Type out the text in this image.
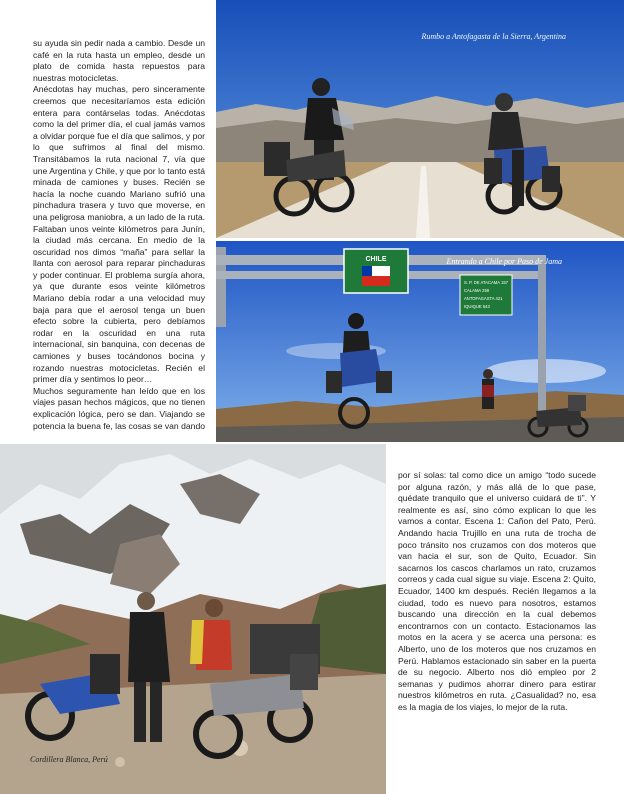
su ayuda sin pedir nada a cambio. Desde un café en la ruta hasta un empleo, desde un plato de comida hasta repuestos para nuestras motocicletas.

Anécdotas hay muchas, pero sinceramente creemos que necesitaríamos esta edición entera para contárselas todas. Anécdotas como la del primer día, el cual jamás vamos a olvidar porque fue el día que salimos, y por lo que sufrimos al final del mismo. Transitábamos la ruta nacional 7, vía que une Argentina y Chile, y que por lo tanto está minada de camiones y buses. Recién se hacía la noche cuando Mariano sufrió una pinchadura trasera y tuvo que moverse, en una peligrosa maniobra, a un lado de la ruta. Faltaban unos veinte kilómetros para Junín, la ciudad más cercana. En medio de la oscuridad nos dimos “maña” para sellar la llanta con aerosol para reparar pinchaduras y poder continuar. El problema surgía ahora, ya que durante esos veinte kilómetros Mariano debía rodar a una velocidad muy baja para que el aerosol tenga un buen efecto sobre la cubierta, pero debíamos rodar en la oscuridad en una ruta internacional, sin banquina, con decenas de camiones y buses tocándonos bocina y rozando nuestras motocicletas. Recién el primer día y sentimos lo peor…

Muchos seguramente han leído que en los viajes pasan hechos mágicos, que no tienen explicación lógica, pero se dan. Viajando se potencia la buena fe, las cosas se van dando

Rumbo a Antofagasta de la Sierra, Argentina
CHILE
S. P. DE ATACAMA 157
CALAMA 259
ANTOFAGASTA 421
IQUIQUE 643
Entrando a Chile por Paso de Jama
Cordillera Blanca, Perú

por sí solas: tal como dice un amigo “todo sucede por alguna razón, y más allá de lo que pase, quédate tranquilo que el universo cuidará de ti”. Y realmente es así, sino cómo explican lo que les vamos a contar. Escena 1: Cañon del Pato, Perú. Andando hacia Trujillo en una ruta de trocha de poco tránsito nos cruzamos con dos moteros que van hacia el sur, son de Quito, Ecuador. Sin sacarnos los cascos charlamos un rato, cruzamos correos y cada cual sigue su viaje. Escena 2: Quito, Ecuador, 1400 km después. Recién llegamos a la ciudad, todo es nuevo para nosotros, estamos buscando una dirección en la cual debemos encontrarnos con un contacto. Estacionamos las motos en la acera y se acerca una persona: es Alberto, uno de los moteros que nos cruzamos en Perú. Hablamos estacionado sin saber en la puerta de su negocio. Alberto nos dió empleo por 2 semanas y pudimos ahorrar dinero para estirar nuestros kilómetros en ruta. ¿Casualidad? no, esa es la magia de los viajes, lo mejor de la ruta.
